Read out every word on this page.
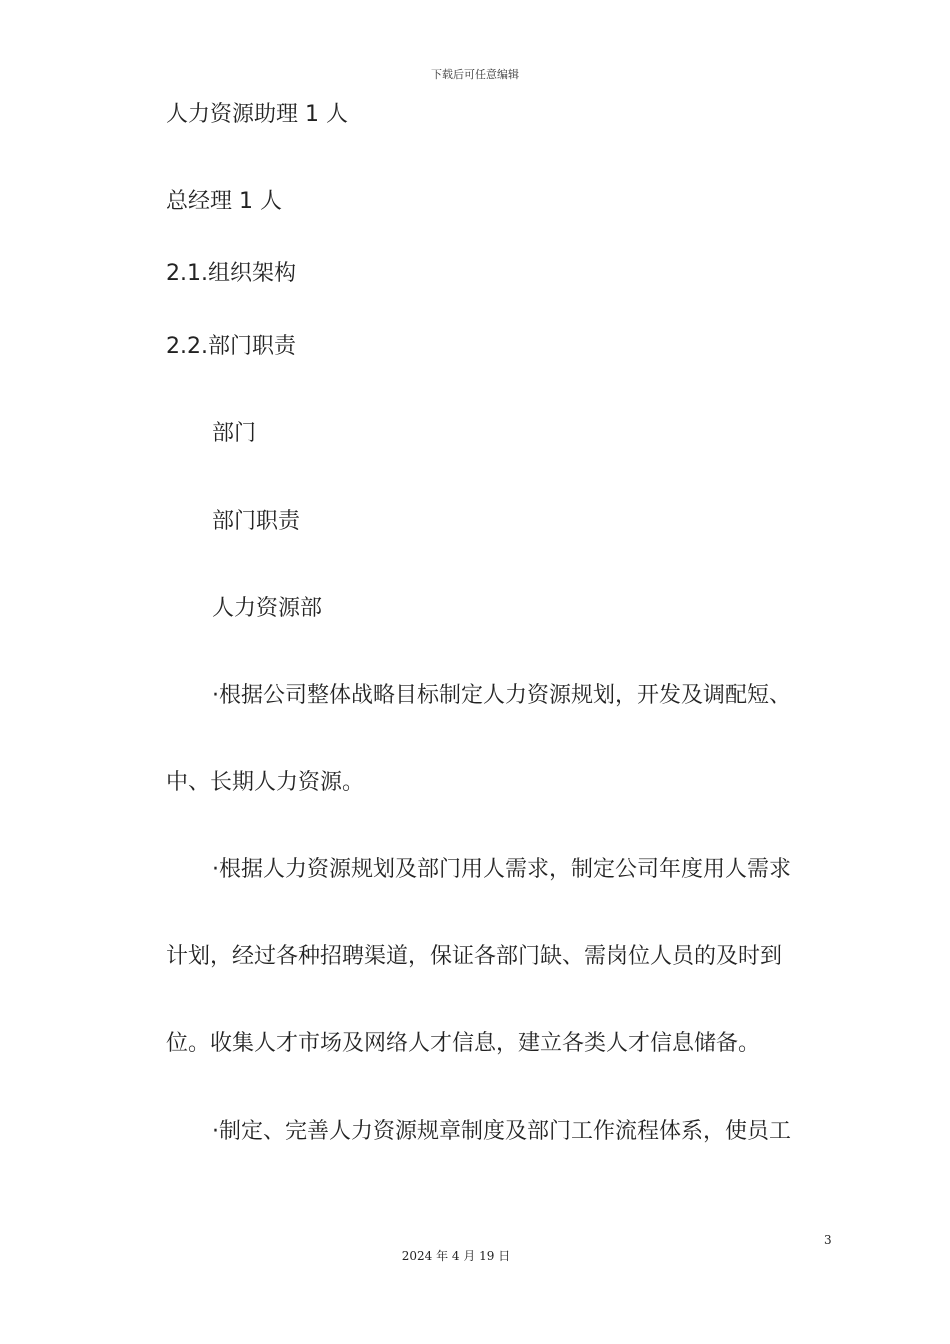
下载后可任意编辑
人力资源助理 1 人
总经理 1 人
2.1.组织架构
2.2.部门职责
部门
部门职责
人力资源部
·根据公司整体战略目标制定人力资源规划，开发及调配短、
中、长期人力资源。
·根据人力资源规划及部门用人需求，制定公司年度用人需求
计划，经过各种招聘渠道，保证各部门缺、需岗位人员的及时到
位。收集人才市场及网络人才信息，建立各类人才信息储备。
·制定、完善人力资源规章制度及部门工作流程体系，使员工
3
2024 年 4 月 19 日
